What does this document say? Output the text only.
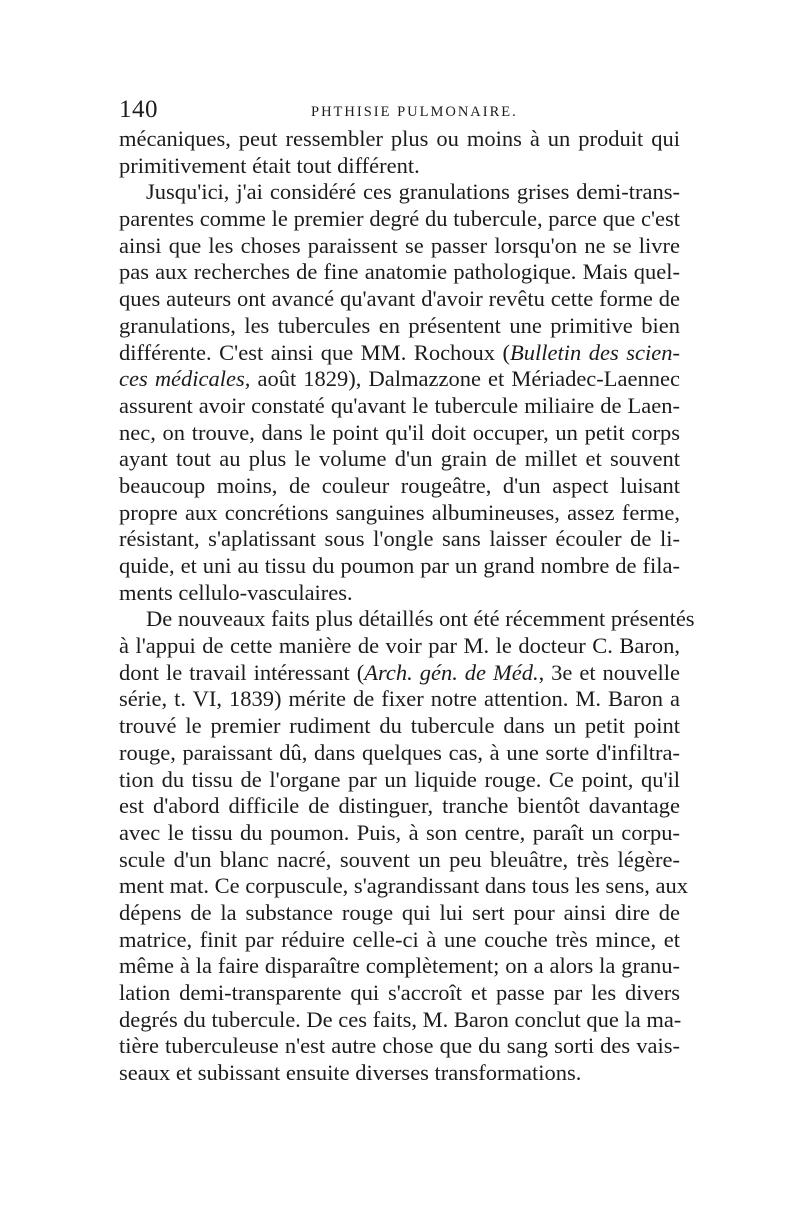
140	PHTHISIE PULMONAIRE.
mécaniques, peut ressembler plus ou moins à un produit qui
primitivement était tout différent.
Jusqu'ici, j'ai considéré ces granulations grises demi-trans-
parentes comme le premier degré du tubercule, parce que c'est
ainsi que les choses paraissent se passer lorsqu'on ne se livre
pas aux recherches de fine anatomie pathologique. Mais quel-
ques auteurs ont avancé qu'avant d'avoir revêtu cette forme de
granulations, les tubercules en présentent une primitive bien
différente. C'est ainsi que MM. Rochoux (Bulletin des scien-
ces médicales, août 1829), Dalmazzone et Mériadec-Laennec
assurent avoir constaté qu'avant le tubercule miliaire de Laen-
nec, on trouve, dans le point qu'il doit occuper, un petit corps
ayant tout au plus le volume d'un grain de millet et souvent
beaucoup moins, de couleur rougeâtre, d'un aspect luisant
propre aux concrétions sanguines albumineuses, assez ferme,
résistant, s'aplatissant sous l'ongle sans laisser écouler de li-
quide, et uni au tissu du poumon par un grand nombre de fila-
ments cellulo-vasculaires.
De nouveaux faits plus détaillés ont été récemment présentés
à l'appui de cette manière de voir par M. le docteur C. Baron,
dont le travail intéressant (Arch. gén. de Méd., 3e et nouvelle
série, t. VI, 1839) mérite de fixer notre attention. M. Baron a
trouvé le premier rudiment du tubercule dans un petit point
rouge, paraissant dû, dans quelques cas, à une sorte d'infiltra-
tion du tissu de l'organe par un liquide rouge. Ce point, qu'il
est d'abord difficile de distinguer, tranche bientôt davantage
avec le tissu du poumon. Puis, à son centre, paraît un corpu-
scule d'un blanc nacré, souvent un peu bleuâtre, très légère-
ment mat. Ce corpuscule, s'agrandissant dans tous les sens, aux
dépens de la substance rouge qui lui sert pour ainsi dire de
matrice, finit par réduire celle-ci à une couche très mince, et
même à la faire disparaître complètement; on a alors la granu-
lation demi-transparente qui s'accroît et passe par les divers
degrés du tubercule. De ces faits, M. Baron conclut que la ma-
tière tuberculeuse n'est autre chose que du sang sorti des vais-
seaux et subissant ensuite diverses transformations.
